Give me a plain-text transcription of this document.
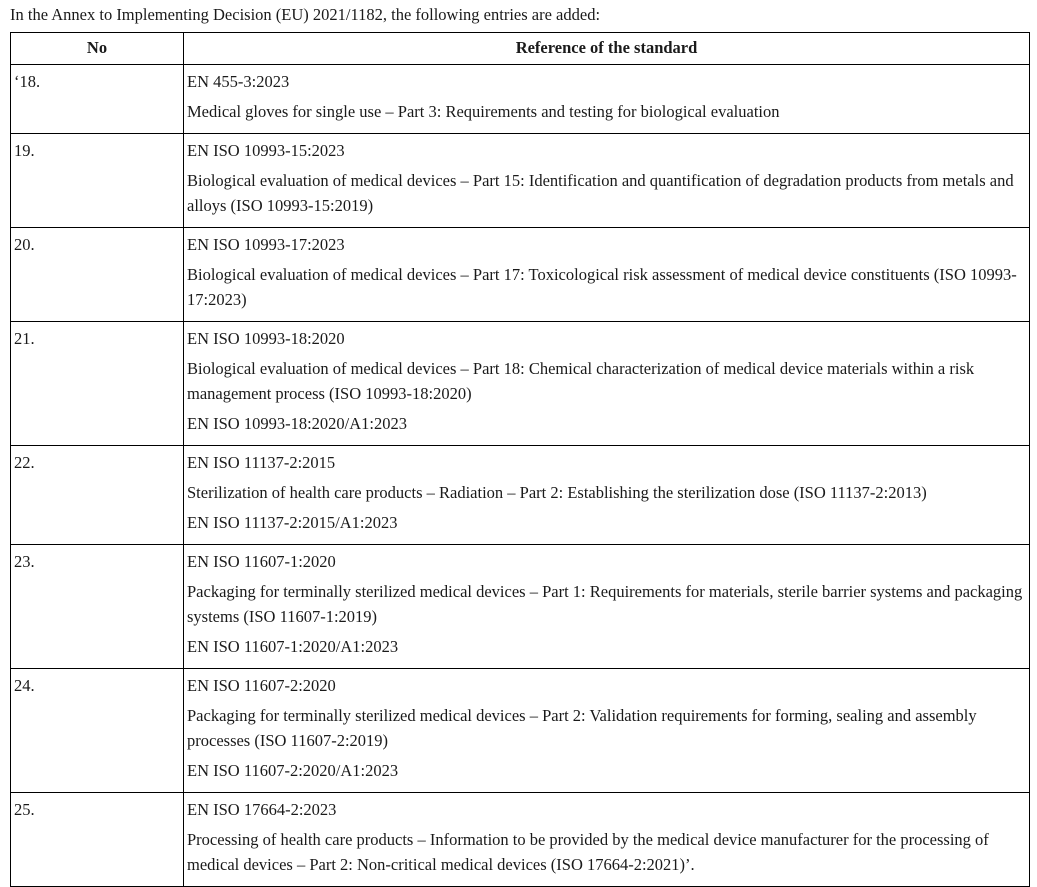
In the Annex to Implementing Decision (EU) 2021/1182, the following entries are added:

No	Reference of the standard

‘18.	EN 455-3:2023

Medical gloves for single use – Part 3: Requirements and testing for biological evaluation

19.	EN ISO 10993-15:2023

Biological evaluation of medical devices – Part 15: Identification and quantification of degradation products from metals and alloys (ISO 10993-15:2019)

20.	EN ISO 10993-17:2023

Biological evaluation of medical devices – Part 17: Toxicological risk assessment of medical device constituents (ISO 10993-17:2023)

21.	EN ISO 10993-18:2020

Biological evaluation of medical devices – Part 18: Chemical characterization of medical device materials within a risk management process (ISO 10993-18:2020)

EN ISO 10993-18:2020/A1:2023

22.	EN ISO 11137-2:2015

Sterilization of health care products – Radiation – Part 2: Establishing the sterilization dose (ISO 11137-2:2013)

EN ISO 11137-2:2015/A1:2023

23.	EN ISO 11607-1:2020

Packaging for terminally sterilized medical devices – Part 1: Requirements for materials, sterile barrier systems and packaging systems (ISO 11607-1:2019)

EN ISO 11607-1:2020/A1:2023

24.	EN ISO 11607-2:2020

Packaging for terminally sterilized medical devices – Part 2: Validation requirements for forming, sealing and assembly processes (ISO 11607-2:2019)

EN ISO 11607-2:2020/A1:2023

25.	EN ISO 17664-2:2023

Processing of health care products – Information to be provided by the medical device manufacturer for the processing of medical devices – Part 2: Non-critical medical devices (ISO 17664-2:2021)’.
